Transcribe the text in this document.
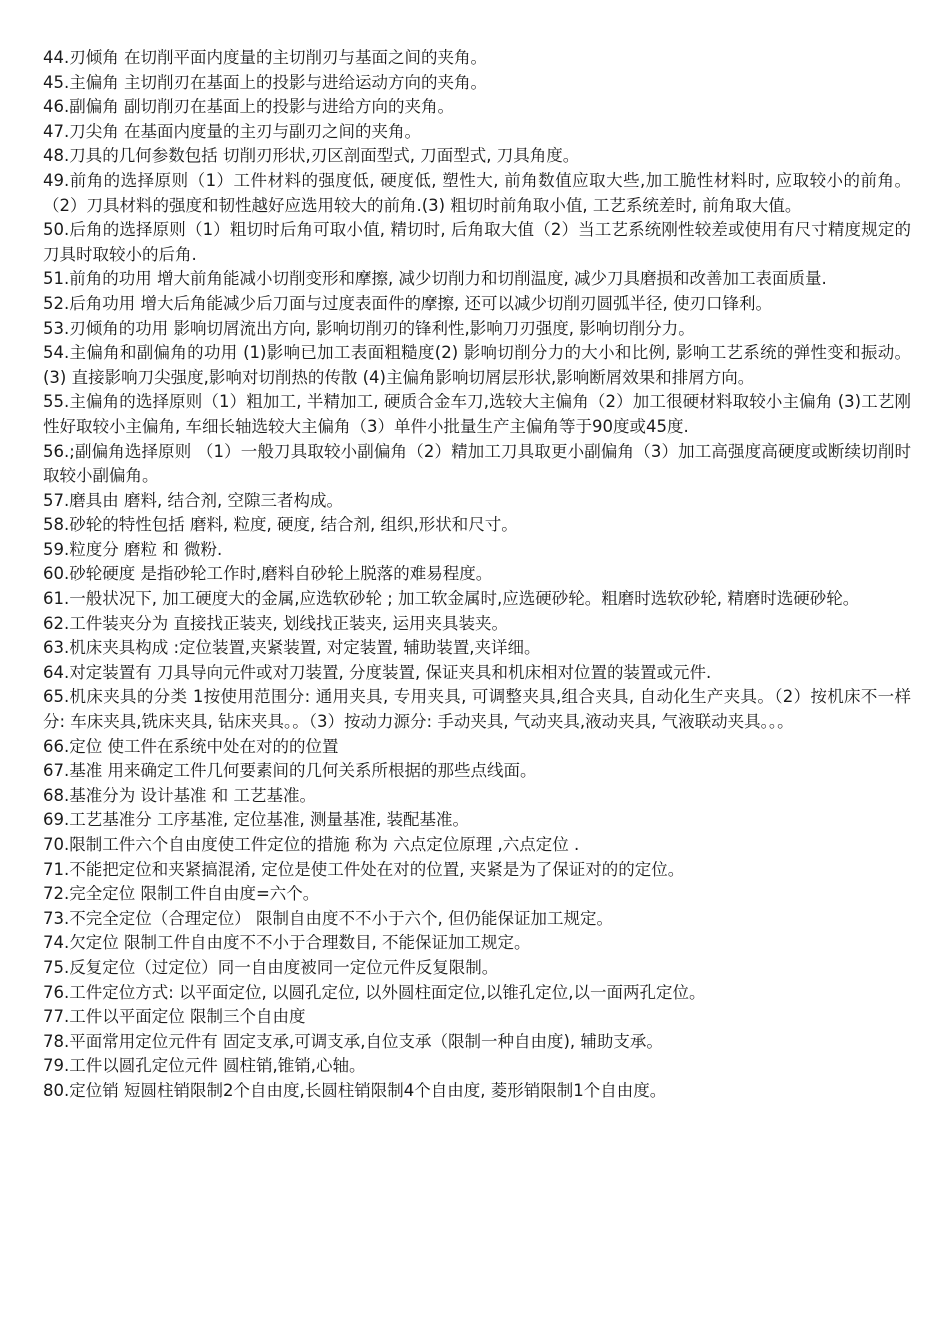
44.刃倾角 在切削平面内度量的主切削刃与基面之间的夹角。

45.主偏角 主切削刃在基面上的投影与进给运动方向的夹角。

46.副偏角 副切削刃在基面上的投影与进给方向的夹角。

47.刀尖角 在基面内度量的主刃与副刃之间的夹角。

48.刀具的几何参数包括 切削刃形状,刃区剖面型式, 刀面型式, 刀具角度。

49.前角的选择原则（1）工件材料的强度低, 硬度低, 塑性大, 前角数值应取大些,加工脆性材料时, 应取较小的前角。（2）刀具材料的强度和韧性越好应选用较大的前角.(3) 粗切时前角取小值, 工艺系统差时, 前角取大值。

50.后角的选择原则（1）粗切时后角可取小值, 精切时, 后角取大值（2）当工艺系统刚性较差或使用有尺寸精度规定的刀具时取较小的后角.

51.前角的功用 增大前角能减小切削变形和摩擦, 减少切削力和切削温度, 减少刀具磨损和改善加工表面质量.

52.后角功用 增大后角能减少后刀面与过度表面件的摩擦, 还可以减少切削刃圆弧半径, 使刃口锋利。

53.刃倾角的功用 影响切屑流出方向, 影响切削刃的锋利性,影响刀刃强度, 影响切削分力。

54.主偏角和副偏角的功用 (1)影响已加工表面粗糙度(2) 影响切削分力的大小和比例, 影响工艺系统的弹性变和振动。(3) 直接影响刀尖强度,影响对切削热的传散 (4)主偏角影响切屑层形状,影响断屑效果和排屑方向。

55.主偏角的选择原则（1）粗加工, 半精加工, 硬质合金车刀,选较大主偏角（2）加工很硬材料取较小主偏角 (3)工艺刚性好取较小主偏角, 车细长轴选较大主偏角（3）单件小批量生产主偏角等于90度或45度.

56.;副偏角选择原则 （1）一般刀具取较小副偏角（2）精加工刀具取更小副偏角（3）加工高强度高硬度或断续切削时取较小副偏角。

57.磨具由 磨料, 结合剂, 空隙三者构成。

58.砂轮的特性包括 磨料, 粒度, 硬度, 结合剂, 组织,形状和尺寸。

59.粒度分 磨粒 和 微粉.

60.砂轮硬度 是指砂轮工作时,磨料自砂轮上脱落的难易程度。

61.一般状况下, 加工硬度大的金属,应选软砂轮 ; 加工软金属时,应选硬砂轮。粗磨时选软砂轮, 精磨时选硬砂轮。

62.工件装夹分为 直接找正装夹, 划线找正装夹, 运用夹具装夹。

63.机床夹具构成 :定位装置,夹紧装置, 对定装置, 辅助装置,夹详细。

64.对定装置有 刀具导向元件或对刀装置, 分度装置, 保证夹具和机床相对位置的装置或元件.

65.机床夹具的分类 1按使用范围分: 通用夹具, 专用夹具, 可调整夹具,组合夹具, 自动化生产夹具。（2）按机床不一样分: 车床夹具,铣床夹具, 钻床夹具。。（3）按动力源分: 手动夹具, 气动夹具,液动夹具, 气液联动夹具。。。

66.定位 使工件在系统中处在对的的位置

67.基准 用来确定工件几何要素间的几何关系所根据的那些点线面。

68.基准分为 设计基准 和 工艺基准。

69.工艺基准分 工序基准, 定位基准, 测量基准, 装配基准。

70.限制工件六个自由度使工件定位的措施 称为 六点定位原理 ,六点定位 .

71.不能把定位和夹紧搞混淆, 定位是使工件处在对的位置, 夹紧是为了保证对的的定位。

72.完全定位 限制工件自由度=六个。

73.不完全定位（合理定位） 限制自由度不不小于六个, 但仍能保证加工规定。

74.欠定位 限制工件自由度不不小于合理数目, 不能保证加工规定。

75.反复定位（过定位）同一自由度被同一定位元件反复限制。

76.工件定位方式: 以平面定位, 以圆孔定位, 以外圆柱面定位,以锥孔定位,以一面两孔定位。

77.工件以平面定位 限制三个自由度

78.平面常用定位元件有 固定支承,可调支承,自位支承（限制一种自由度), 辅助支承。

79.工件以圆孔定位元件 圆柱销,锥销,心轴。

80.定位销 短圆柱销限制2个自由度,长圆柱销限制4个自由度, 菱形销限制1个自由度。
